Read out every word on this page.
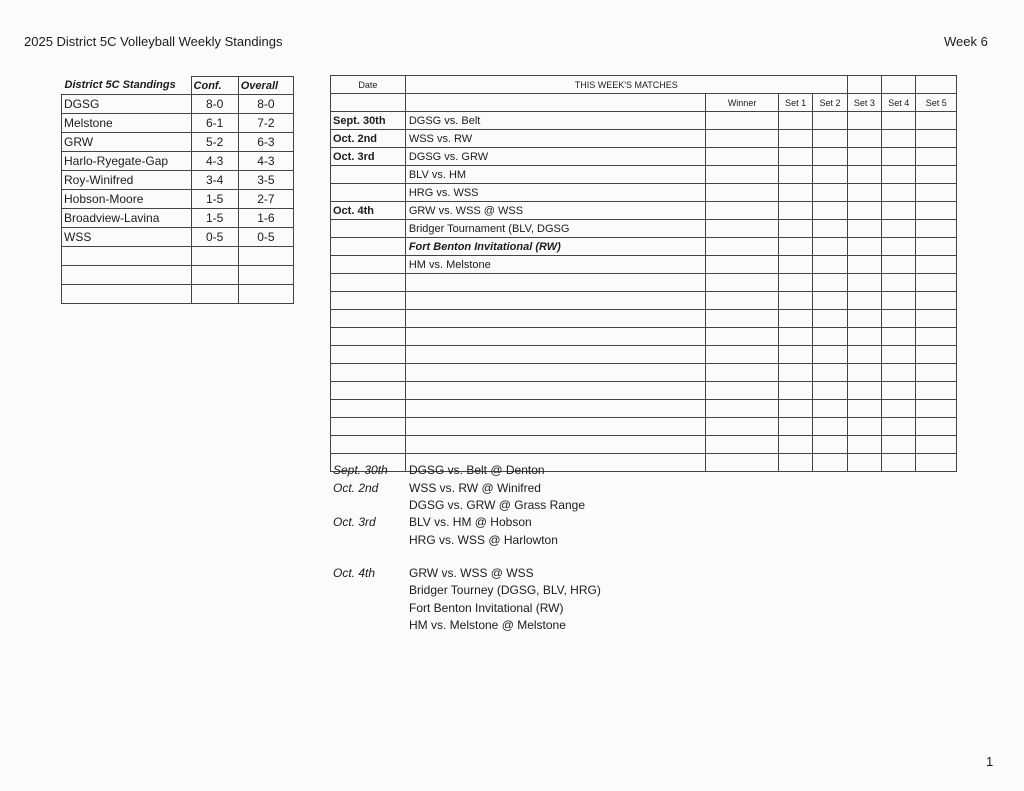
2025 District 5C Volleyball Weekly Standings	Week 6
District 5C Standings	Conf.	Overall
DGSG	8-0	8-0
Melstone	6-1	7-2
GRW	5-2	6-3
Harlo-Ryegate-Gap	4-3	4-3
Roy-Winifred	3-4	3-5
Hobson-Moore	1-5	2-7
Broadview-Lavina	1-5	1-6
WSS	0-5	0-5

Date	THIS WEEK'S MATCHES						
		Winner	Set 1	Set 2	Set 3	Set 4	Set 5
Sept. 30th	DGSG vs. Belt						
Oct. 2nd	WSS vs. RW						
Oct. 3rd	DGSG vs. GRW						
	BLV vs. HM						
	HRG vs. WSS						
Oct. 4th	GRW vs. WSS @ WSS						
	Bridger Tournament (BLV, DGSG						
	Fort Benton Invitational (RW)						
	HM vs. Melstone						

Sept. 30th DGSG vs. Belt @ Denton
Oct. 2nd	WSS vs. RW @ Winifred
DGSG vs. GRW @ Grass Range
Oct. 3rd	BLV vs. HM @ Hobson
HRG vs. WSS @ Harlowton
Oct. 4th	GRW vs. WSS @ WSS
Bridger Tourney (DGSG, BLV, HRG)
Fort Benton Invitational (RW)
HM vs. Melstone @ Melstone
1
